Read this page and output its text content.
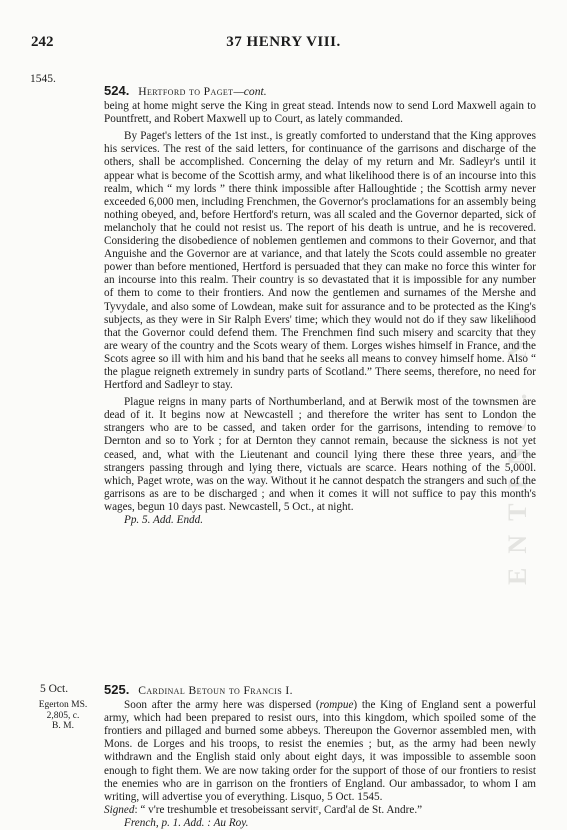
242	37 HENRY VIII.
1545.
ENTINC. NE
524. Hertford to Paget—cont.

being at home might serve the King in great stead. Intends now to send Lord Maxwell again to Pountfrett, and Robert Maxwell up to Court, as lately commanded.

By Paget's letters of the 1st inst., is greatly comforted to understand that the King approves his services. The rest of the said letters, for continuance of the garrisons and discharge of the others, shall be accomplished. Concerning the delay of my return and Mr. Sadleyr's until it appear what is become of the Scottish army, and what likelihood there is of an incourse into this realm, which “ my lords ” there think impossible after Halloughtide ; the Scottish army never exceeded 6,000 men, including Frenchmen, the Governor's proclamations for an assembly being nothing obeyed, and, before Hertford's return, was all scaled and the Governor departed, sick of melancholy that he could not resist us. The report of his death is untrue, and he is recovered. Considering the disobedience of noblemen gentlemen and commons to their Governor, and that Anguishe and the Governor are at variance, and that lately the Scots could assemble no greater power than before mentioned, Hertford is persuaded that they can make no force this winter for an incourse into this realm. Their country is so devastated that it is impossible for any number of them to come to their frontiers. And now the gentlemen and surnames of the Mershe and Tyvydale, and also some of Lowdean, make suit for assurance and to be protected as the King's subjects, as they were in Sir Ralph Evers' time; which they would not do if they saw likelihood that the Governor could defend them. The Frenchmen find such misery and scarcity that they are weary of the country and the Scots weary of them. Lorges wishes himself in France, and the Scots agree so ill with him and his band that he seeks all means to convey himself home. Also “ the plague reigneth extremely in sundry parts of Scotland.” There seems, therefore, no need for Hertford and Sadleyr to stay.

Plague reigns in many parts of Northumberland, and at Berwik most of the townsmen are dead of it. It begins now at Newcastell ; and therefore the writer has sent to London the strangers who are to be cassed, and taken order for the garrisons, intending to remove to Dernton and so to York ; for at Dernton they cannot remain, because the sickness is not yet ceased, and, what with the Lieutenant and council lying there these three years, and the strangers passing through and lying there, victuals are scarce. Hears nothing of the 5,000l. which, Paget wrote, was on the way. Without it he cannot despatch the strangers and such of the garrisons as are to be discharged ; and when it comes it will not suffice to pay this month's wages, begun 10 days past. Newcastell, 5 Oct., at night.

Pp. 5. Add. Endd.

5 Oct.
Egerton MS.
2,805, c.
B. M.
525. Cardinal Betoun to Francis I.

Soon after the army here was dispersed (rompue) the King of England sent a powerful army, which had been prepared to resist ours, into this kingdom, which spoiled some of the frontiers and pillaged and burned some abbeys. Thereupon the Governor assembled men, with Mons. de Lorges and his troops, to resist the enemies ; but, as the army had been newly withdrawn and the English staid only about eight days, it was impossible to assemble soon enough to fight them. We are now taking order for the support of those of our frontiers to resist the enemies who are in garrison on the frontiers of England. Our ambassador, to whom I am writing, will advertise you of everything. Lisquo, 5 Oct. 1545.

Signed: “ v're treshumble et tresobeissant servitʳ, Card'al de St. Andre.”

French, p. 1. Add. : Au Roy.
